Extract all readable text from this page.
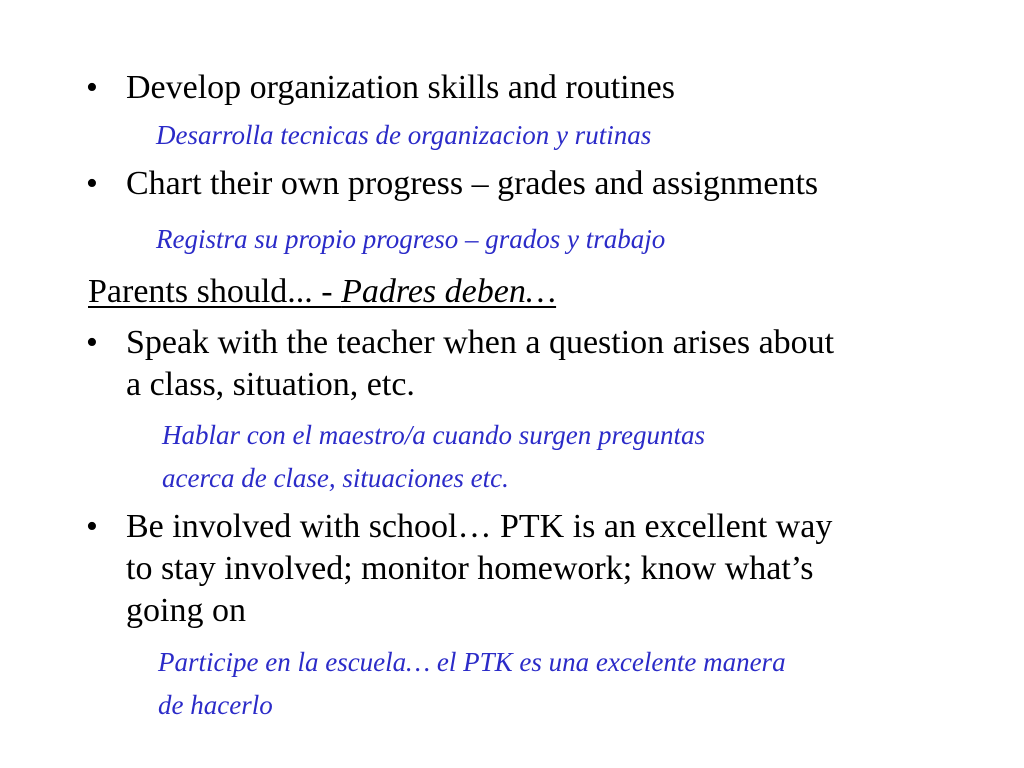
• Develop organization skills and routines
Desarrolla tecnicas de organizacion y rutinas
• Chart their own progress – grades and assignments
Registra su propio progreso – grados y trabajo
Parents should... - Padres deben…
• Speak with the teacher when a question arises about
a class, situation, etc.
Hablar con el maestro/a cuando surgen preguntas
acerca de clase, situaciones etc.
• Be involved with school… PTK is an excellent way
to stay involved; monitor homework; know what’s
going on
Participe en la escuela… el PTK es una excelente manera
de hacerlo
